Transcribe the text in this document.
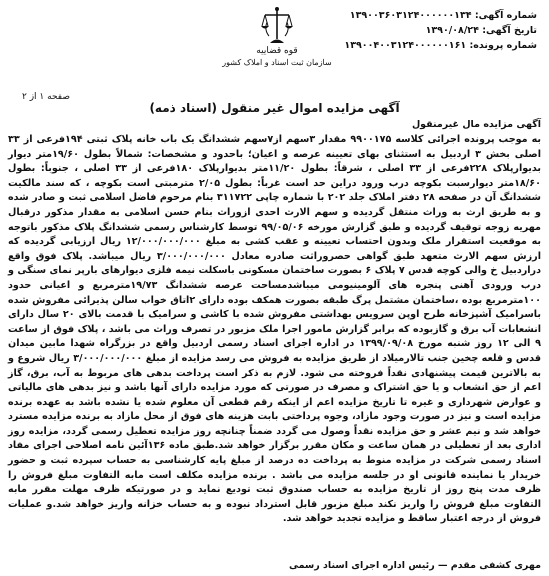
شماره آگهی: ۱۳۹۰۰۳۶۰۳۱۲۴۰۰۰۰۰۰۱۳۴
تاریخ آگهی: ۱۳۹۰/۰۸/۲۴
شماره پرونده: ۱۳۹۰۰۴۰۰۳۱۲۴۰۰۰۰۰۰۱۶۱
قوه قضاییه
سازمان ثبت اسناد و املاک کشور
صفحه ۱ از ۲
آگهی مزایده اموال غیر منقول (اسناد ذمه)
آگهی مزایده مال غیرمنقول
به موجب پرونده اجرائی کلاسه ۹۹۰۰۱۷۵ مقدار ۳سهم از۷سهم ششدانگ یک باب خانه پلاک ثبتی ۱۹۴فرعی از ۳۳ اصلی بخش ۳ اردبیل به استثنای بهای تعیینه عرصه و اعیان؛ باحدود و مشخصات: شمالاً بطول ۱۹/۶۰متر دیوار بدیوارپلاک ۲۲۸فرعی از ۳۳ اصلی ، شرقاً: بطول ۱۱/۲۰متر بدیوارپلاک ۱۸۰فرعی از ۳۳ اصلی ، جنوباً: بطول ۱۸/۶۰متر دیوارسبت بکوچه درب ورود دراین حد است غرباً: بطول ۲/۰۵ مترمبتی است بکوچه ، که سند مالکیت ششدانگ آن در صفحه ۲۸ دفتر املاک جلد ۲۰۲ با شماره چاپی ۳۱۱۷۲۲ بنام مرحوم فاضل اسلامی ثبت و صادر شده و به طریق ارث به وراث منتقل گردیده و سهم الارث احدی ازوراث بنام حسن اسلامی به مقدار مذکور درقبال مهریه زوجه توقیف گردیده و طبق گزارش مورخه ۹۹/۰۵/۰۶ توسط کارشناس رسمی ششدانگ پلاک مذکور باتوجه به موقعیت استقرار ملک وبدون احتساب تعیینه و عقب کشی به مبلغ ۱۲/۰۰۰/۰۰۰/۰۰۰ ریال ارزیابی گردیده که ارزش سهم الارث متعهد طبق گواهی حصروراثت صادره معادل ۳/۰۰۰/۰۰۰/۰۰۰ ریال میباشد. پلاک فوق واقع دراردبیل خ والی کوچه قدس ۷ پلاک ۶ بصورت ساختمان مسکونی باسکلت نیمه فلزی دیوارهای بارپر نمای سنگی و درب ورودی آهنی پنجره های آلومینیومی میباشدمساحت عرصه ششدانگ ۱۹/۷۳مترمربع و اعیانی حدود ۱۰۰مترمربع بوده ،ساختمان مشتمل پرگ طبقه بصورت همکف بوده دارای ۲اتاق خواب سالن پذیرائی مفروش شده باسرامیک آشپزخانه طرح اوپن سرویس بهداشتی مفروش شده با کاشی و سرامیک با قدمت بالای ۲۰ سال دارای انشعابات آب برق و گازبوده که برابر گزارش مامور اجرا ملک مزبور در تصرف وراث می باشد ، پلاک فوق از ساعت ۹ الی ۱۲ روز شنبه مورخ ۱۳۹۹/۰۹/۰۸ در اداره اجرای اسناد رسمی اردبیل واقع در بزرگراه شهدا مابین میدان قدس و قلعه چخین جنب تالارمیلاد از طریق مزایده به فروش می رسد مزایده از مبلغ ۳/۰۰۰/۰۰۰/۰۰۰ ریال شروع و به بالاترین قیمت پیشنهادی نقداً فروخته می شود. لازم به ذکر است پرداخت بدهی های مربوط به آب، برق، گاز اعم از حق انشعاب و یا حق اشتراک و مصرف در صورتی که مورد مزایده دارای آنها باشد و نیز بدهی های مالیاتی و عوارض شهرداری و غیره تا تاریخ مزایده اعم از اینکه رقم قطعی آن معلوم شده یا نشده باشد به عهده برنده مزایده است و نیز در صورت وجود مازاد، وجوه پرداختی بابت هزینه های فوق از محل مازاد به برنده مزایده مسترد خواهد شد و نیم عشر و حق مزایده نقداً وصول می گردد ضمناً چنانچه روز مزایده تعطیل رسمی گردد، مزایده روز اداری بعد از تعطیلی در همان ساعت و مکان مقرر برگزار خواهد شد.طبق ماده ۱۳۶آئین نامه اصلاحی اجرای مفاد اسناد رسمی شرکت در مزایده منوط به پرداخت ده درصد از مبلغ پایه کارشناسی به حساب سپرده ثبت و حضور خریدار یا نماینده قانونی او در جلسه مزایده می باشد . برنده مزایده مکلف است مابه التفاوت مبلغ فروش را ظرف مدت پنج روز از تاریخ مزایده به حساب صندوق ثبت تودیع نماید و در صورتیکه ظرف مهلت مقرر مابه التفاوت مبلغ فروش را واریز نکند مبلغ مزبور قابل استرداد نبوده و به حساب خزانه واریز خواهد شد.و عملیات فروش از درجه اعتبار ساقط و مزایده تجدید خواهد شد.
مهری کشفی مقدم — رئیس اداره اجرای اسناد رسمی
